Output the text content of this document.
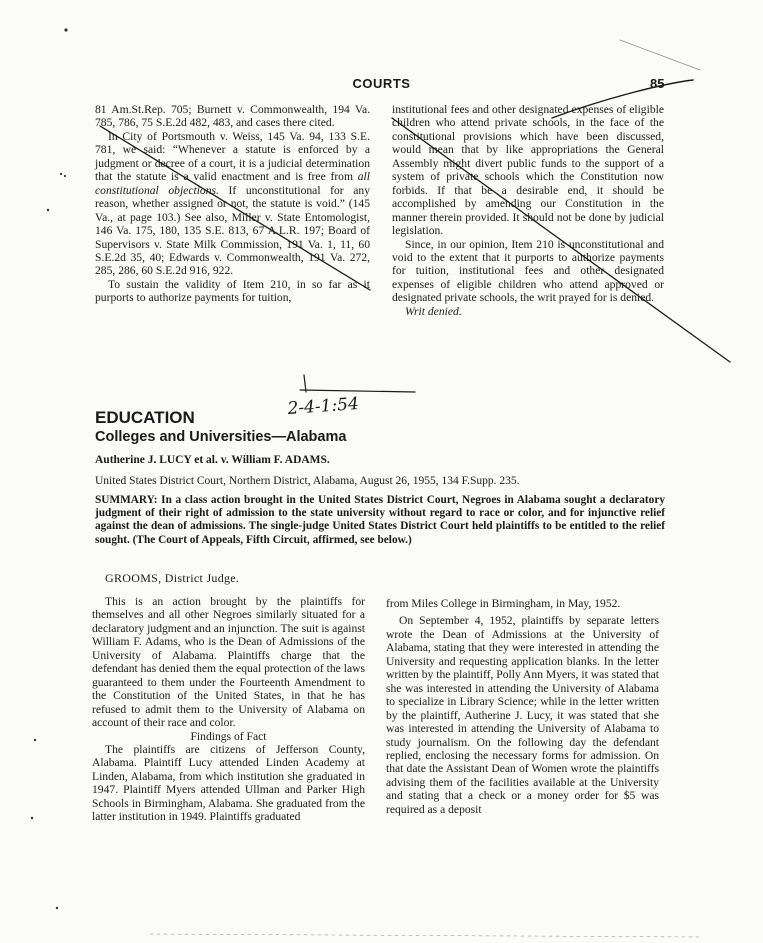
COURTS	85

81 Am.St.Rep. 705; Burnett v. Commonwealth, 194 Va. 785, 786, 75 S.E.2d 482, 483, and cases there cited.

In City of Portsmouth v. Weiss, 145 Va. 94, 133 S.E. 781, we said: “Whenever a statute is enforced by a judgment or decree of a court, it is a judicial determination that the statute is a valid enactment and is free from all constitutional objections. If unconstitutional for any reason, whether assigned or not, the statute is void.” (145 Va., at page 103.) See also, Miller v. State Entomologist, 146 Va. 175, 180, 135 S.E. 813, 67 A.L.R. 197; Board of Supervisors v. State Milk Commission, 191 Va. 1, 11, 60 S.E.2d 35, 40; Edwards v. Commonwealth, 191 Va. 272, 285, 286, 60 S.E.2d 916, 922.

To sustain the validity of Item 210, in so far as it purports to authorize payments for tuition,

institutional fees and other designated expenses of eligible children who attend private schools, in the face of the constitutional provisions which have been discussed, would mean that by like appropriations the General Assembly might divert public funds to the support of a system of private schools which the Constitution now forbids. If that be a desirable end, it should be accomplished by amending our Constitution in the manner therein provided. It should not be done by judicial legislation.

Since, in our opinion, Item 210 is unconstitutional and void to the extent that it purports to authorize payments for tuition, institutional fees and other designated expenses of eligible children who attend approved or designated private schools, the writ prayed for is denied.

Writ denied.

EDUCATION
Colleges and Universities—Alabama
Autherine J. LUCY et al. v. William F. ADAMS.
United States District Court, Northern District, Alabama, August 26, 1955, 134 F.Supp. 235.
SUMMARY: In a class action brought in the United States District Court, Negroes in Alabama sought a declaratory judgment of their right of admission to the state university without regard to race or color, and for injunctive relief against the dean of admissions. The single-judge United States District Court held plaintiffs to be entitled to the relief sought. (The Court of Appeals, Fifth Circuit, affirmed, see below.)
GROOMS, District Judge.

This is an action brought by the plaintiffs for themselves and all other Negroes similarly situated for a declaratory judgment and an injunction. The suit is against William F. Adams, who is the Dean of Admissions of the University of Alabama. Plaintiffs charge that the defendant has denied them the equal protection of the laws guaranteed to them under the Fourteenth Amendment to the Constitution of the United States, in that he has refused to admit them to the University of Alabama on account of their race and color.

Findings of Fact

The plaintiffs are citizens of Jefferson County, Alabama. Plaintiff Lucy attended Linden Academy at Linden, Alabama, from which institution she graduated in 1947. Plaintiff Myers attended Ullman and Parker High Schools in Birmingham, Alabama. She graduated from the latter institution in 1949. Plaintiffs graduated

from Miles College in Birmingham, in May, 1952.

On September 4, 1952, plaintiffs by separate letters wrote the Dean of Admissions at the University of Alabama, stating that they were interested in attending the University and requesting application blanks. In the letter written by the plaintiff, Polly Ann Myers, it was stated that she was interested in attending the University of Alabama to specialize in Library Science; while in the letter written by the plaintiff, Autherine J. Lucy, it was stated that she was interested in attending the University of Alabama to study journalism. On the following day the defendant replied, enclosing the necessary forms for admission. On that date the Assistant Dean of Women wrote the plaintiffs advising them of the facilities available at the University and stating that a check or a money order for $5 was required as a deposit

2-4-1:54
